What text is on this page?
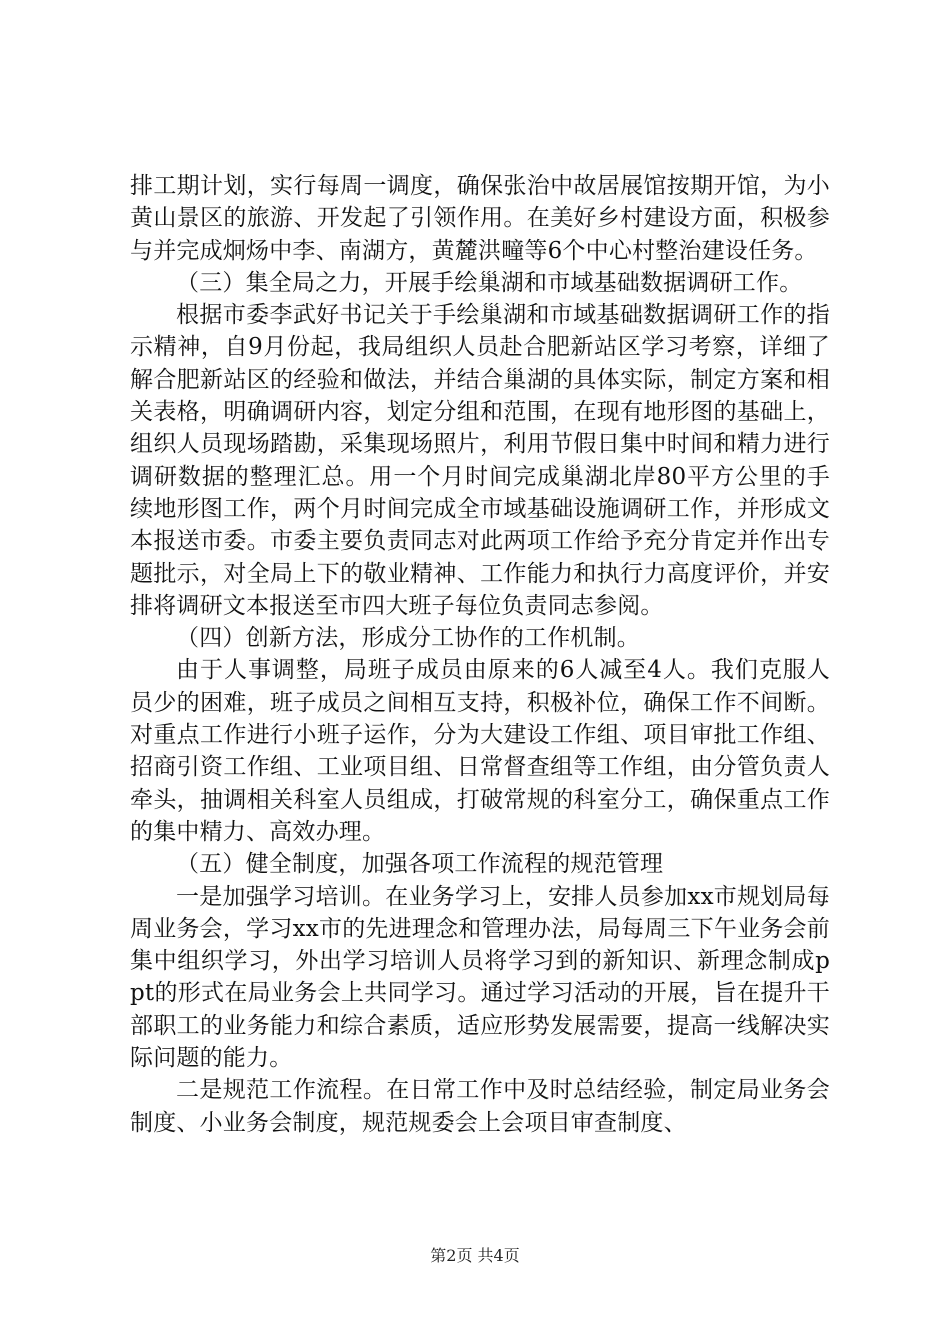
排工期计划，实行每周一调度，确保张治中故居展馆按期开馆，为小黄山景区的旅游、开发起了引领作用。在美好乡村建设方面，积极参与并完成炯炀中李、南湖方，黄麓洪疃等6个中心村整治建设任务。

（三）集全局之力，开展手绘巢湖和市域基础数据调研工作。

根据市委李武好书记关于手绘巢湖和市域基础数据调研工作的指示精神，自9月份起，我局组织人员赴合肥新站区学习考察，详细了解合肥新站区的经验和做法，并结合巢湖的具体实际，制定方案和相关表格，明确调研内容，划定分组和范围，在现有地形图的基础上，组织人员现场踏勘，采集现场照片，利用节假日集中时间和精力进行调研数据的整理汇总。用一个月时间完成巢湖北岸80平方公里的手续地形图工作，两个月时间完成全市域基础设施调研工作，并形成文本报送市委。市委主要负责同志对此两项工作给予充分肯定并作出专题批示，对全局上下的敬业精神、工作能力和执行力高度评价，并安排将调研文本报送至市四大班子每位负责同志参阅。

（四）创新方法，形成分工协作的工作机制。

由于人事调整，局班子成员由原来的6人减至4人。我们克服人员少的困难，班子成员之间相互支持，积极补位，确保工作不间断。对重点工作进行小班子运作，分为大建设工作组、项目审批工作组、招商引资工作组、工业项目组、日常督查组等工作组，由分管负责人牵头，抽调相关科室人员组成，打破常规的科室分工，确保重点工作的集中精力、高效办理。

（五）健全制度，加强各项工作流程的规范管理

一是加强学习培训。在业务学习上，安排人员参加xx市规划局每周业务会，学习xx市的先进理念和管理办法，局每周三下午业务会前集中组织学习，外出学习培训人员将学习到的新知识、新理念制成ppt的形式在局业务会上共同学习。通过学习活动的开展，旨在提升干部职工的业务能力和综合素质，适应形势发展需要，提高一线解决实际问题的能力。

二是规范工作流程。在日常工作中及时总结经验，制定局业务会制度、小业务会制度，规范规委会上会项目审查制度、

第2页 共4页
